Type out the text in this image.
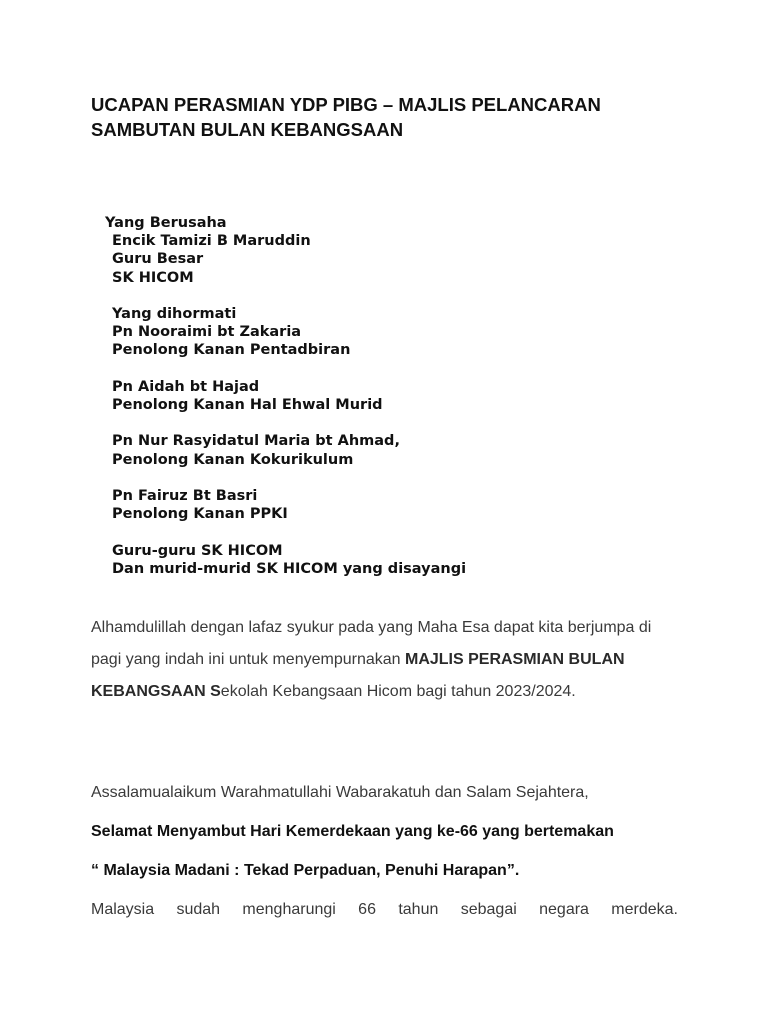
UCAPAN PERASMIAN YDP PIBG – MAJLIS PELANCARAN
SAMBUTAN BULAN KEBANGSAAN
Yang Berusaha
Encik Tamizi B Maruddin
Guru Besar
SK HICOM
Yang dihormati
Pn Nooraimi bt Zakaria
Penolong Kanan Pentadbiran
Pn Aidah bt Hajad
Penolong Kanan Hal Ehwal Murid
Pn Nur Rasyidatul Maria bt Ahmad,
Penolong Kanan Kokurikulum
Pn Fairuz Bt Basri
Penolong Kanan PPKI
Guru-guru SK HICOM
Dan murid-murid SK HICOM yang disayangi

Alhamdulillah dengan lafaz syukur pada yang Maha Esa dapat kita berjumpa di pagi yang indah ini untuk menyempurnakan MAJLIS PERASMIAN BULAN KEBANGSAAN Sekolah Kebangsaan Hicom bagi tahun 2023/2024.

Assalamualaikum Warahmatullahi Wabarakatuh dan Salam Sejahtera,

Selamat Menyambut Hari Kemerdekaan yang ke-66 yang bertemakan

“ Malaysia Madani : Tekad Perpaduan, Penuhi Harapan”.

Malaysia sudah mengharungi 66 tahun sebagai negara merdeka.
